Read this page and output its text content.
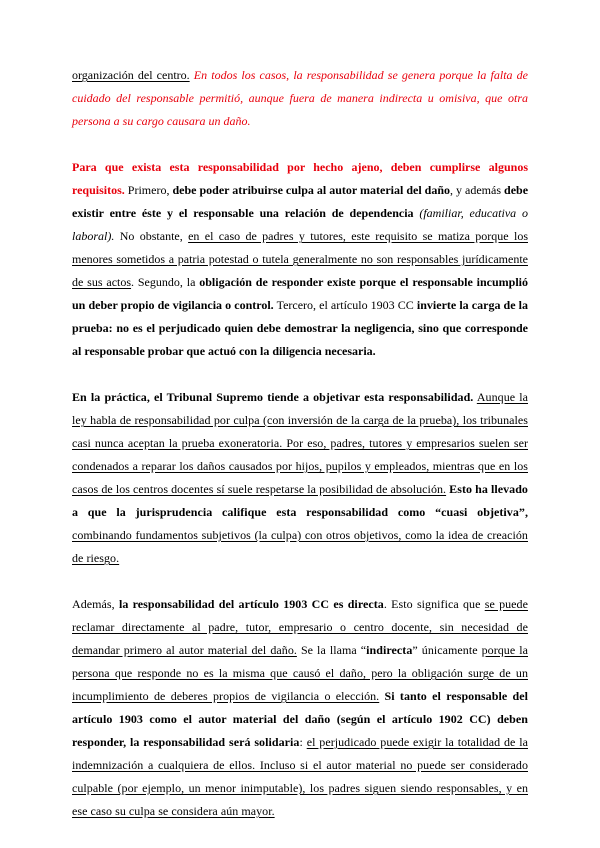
organización del centro. En todos los casos, la responsabilidad se genera porque la falta de cuidado del responsable permitió, aunque fuera de manera indirecta u omisiva, que otra persona a su cargo causara un daño.

Para que exista esta responsabilidad por hecho ajeno, deben cumplirse algunos requisitos. Primero, debe poder atribuirse culpa al autor material del daño, y además debe existir entre éste y el responsable una relación de dependencia (familiar, educativa o laboral). No obstante, en el caso de padres y tutores, este requisito se matiza porque los menores sometidos a patria potestad o tutela generalmente no son responsables jurídicamente de sus actos. Segundo, la obligación de responder existe porque el responsable incumplió un deber propio de vigilancia o control. Tercero, el artículo 1903 CC invierte la carga de la prueba: no es el perjudicado quien debe demostrar la negligencia, sino que corresponde al responsable probar que actuó con la diligencia necesaria.

En la práctica, el Tribunal Supremo tiende a objetivar esta responsabilidad. Aunque la ley habla de responsabilidad por culpa (con inversión de la carga de la prueba), los tribunales casi nunca aceptan la prueba exoneratoria. Por eso, padres, tutores y empresarios suelen ser condenados a reparar los daños causados por hijos, pupilos y empleados, mientras que en los casos de los centros docentes sí suele respetarse la posibilidad de absolución. Esto ha llevado a que la jurisprudencia califique esta responsabilidad como “cuasi objetiva”, combinando fundamentos subjetivos (la culpa) con otros objetivos, como la idea de creación de riesgo.

Además, la responsabilidad del artículo 1903 CC es directa. Esto significa que se puede reclamar directamente al padre, tutor, empresario o centro docente, sin necesidad de demandar primero al autor material del daño. Se la llama “indirecta” únicamente porque la persona que responde no es la misma que causó el daño, pero la obligación surge de un incumplimiento de deberes propios de vigilancia o elección. Si tanto el responsable del artículo 1903 como el autor material del daño (según el artículo 1902 CC) deben responder, la responsabilidad será solidaria: el perjudicado puede exigir la totalidad de la indemnización a cualquiera de ellos. Incluso si el autor material no puede ser considerado culpable (por ejemplo, un menor inimputable), los padres siguen siendo responsables, y en ese caso su culpa se considera aún mayor.
